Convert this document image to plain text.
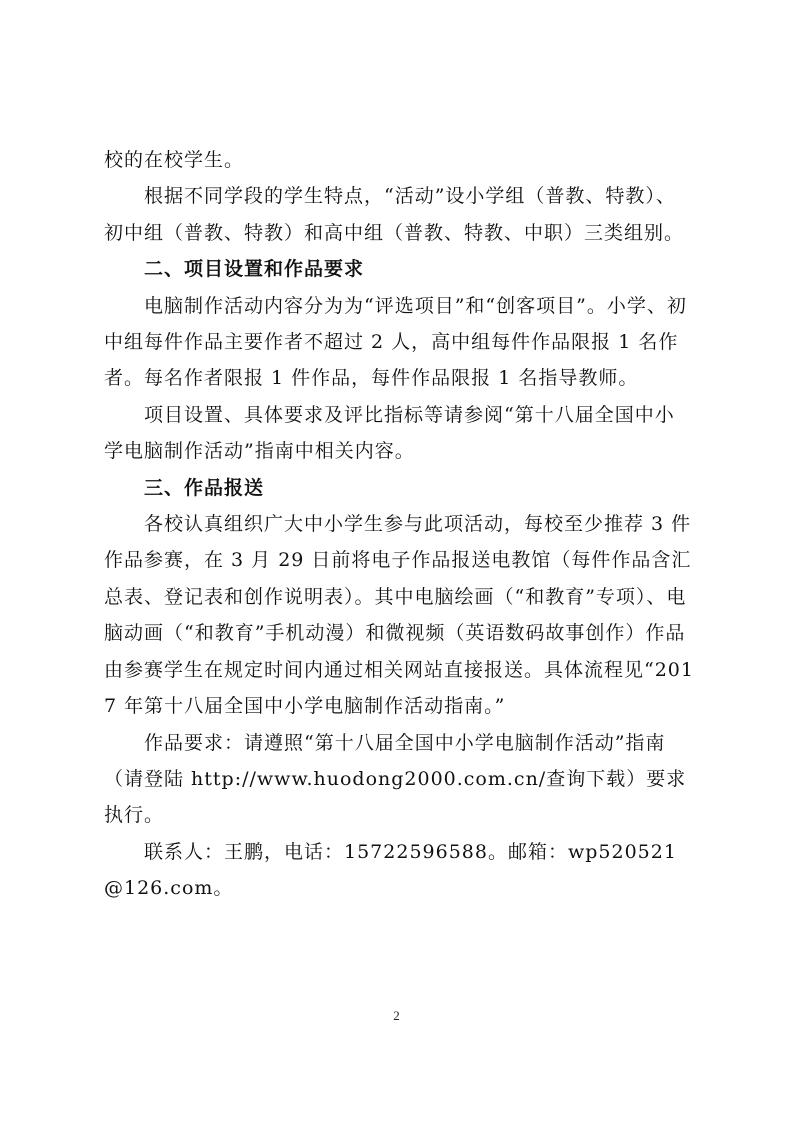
校的在校学生。

根据不同学段的学生特点，“活动”设小学组（普教、特教）、初中组（普教、特教）和高中组（普教、特教、中职）三类组别。

二、项目设置和作品要求

电脑制作活动内容分为为“评选项目”和“创客项目”。小学、初中组每件作品主要作者不超过 2 人，高中组每件作品限报 1 名作者。每名作者限报 1 件作品，每件作品限报 1 名指导教师。

项目设置、具体要求及评比指标等请参阅“第十八届全国中小学电脑制作活动”指南中相关内容。

三、作品报送

各校认真组织广大中小学生参与此项活动，每校至少推荐 3 件作品参赛，在 3 月 29 日前将电子作品报送电教馆（每件作品含汇总表、登记表和创作说明表）。其中电脑绘画（“和教育”专项）、电脑动画（“和教育”手机动漫）和微视频（英语数码故事创作）作品由参赛学生在规定时间内通过相关网站直接报送。具体流程见“2017 年第十八届全国中小学电脑制作活动指南。”

作品要求：请遵照“第十八届全国中小学电脑制作活动”指南（请登陆 http://www.huodong2000.com.cn/查询下载）要求执行。

联系人：王鹏，电话：15722596588。邮箱：wp520521@126.com。

2
